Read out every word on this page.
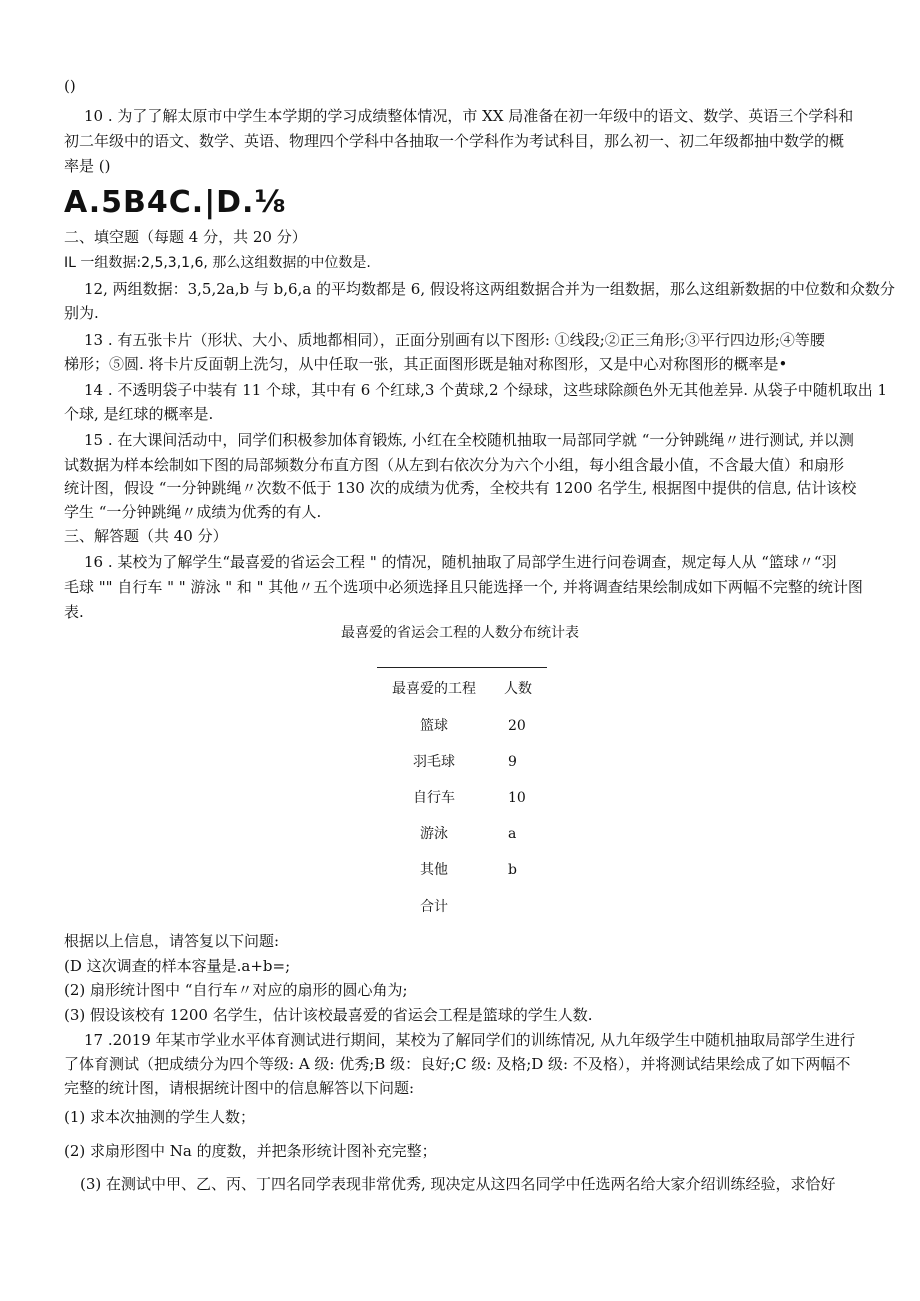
()
10 . 为了了解太原市中学生本学期的学习成绩整体情况，市 XX 局准备在初一年级中的语文、数学、英语三个学科和
初二年级中的语文、数学、英语、物理四个学科中各抽取一个学科作为考试科目，那么初一、初二年级都抽中数学的概
率是 ()
A.5B4C.|D.⅛
二、填空题（每题 4 分，共 20 分）
IL 一组数据:2,5,3,1,6, 那么这组数据的中位数是.
12, 两组数据：3,5,2a,b 与 b,6,a 的平均数都是 6, 假设将这两组数据合并为一组数据，那么这组新数据的中位数和众数分
别为.
13 . 有五张卡片（形状、大小、质地都相同），正面分别画有以下图形: ①线段;②正三角形;③平行四边形;④等腰
梯形；⑤圆. 将卡片反面朝上洗匀，从中任取一张，其正面图形既是轴对称图形，又是中心对称图形的概率是•
14 . 不透明袋子中装有 11 个球，其中有 6 个红球,3 个黄球,2 个绿球，这些球除颜色外无其他差异. 从袋子中随机取出 1
个球, 是红球的概率是.
15 . 在大课间活动中，同学们积极参加体育锻炼, 小红在全校随机抽取一局部同学就 “一分钟跳绳〃进行测试, 并以测
试数据为样本绘制如下图的局部频数分布直方图（从左到右依次分为六个小组，每小组含最小值，不含最大值）和扇形
统计图，假设 “一分钟跳绳〃次数不低于 130 次的成绩为优秀，全校共有 1200 名学生, 根据图中提供的信息, 估计该校
学生 “一分钟跳绳〃成绩为优秀的有人.
三、解答题（共 40 分）
16 . 某校为了解学生“最喜爱的省运会工程 " 的情况，随机抽取了局部学生进行问卷调查，规定每人从 “篮球〃“羽
毛球 "" 自行车 " " 游泳 " 和 " 其他〃五个选项中必须选择且只能选择一个, 并将调查结果绘制成如下两幅不完整的统计图
表.
最喜爱的省运会工程的人数分布统计表
最喜爱的工程	人数
篮球	20
羽毛球	9
自行车	10
游泳	a
其他	b
合计
根据以上信息，请答复以下问题:
(D 这次调查的样本容量是.a+b=;
(2) 扇形统计图中 “自行车〃对应的扇形的圆心角为;
(3) 假设该校有 1200 名学生，估计该校最喜爱的省运会工程是篮球的学生人数.
17 .2019 年某市学业水平体育测试进行期间，某校为了解同学们的训练情况, 从九年级学生中随机抽取局部学生进行
了体育测试（把成绩分为四个等级: A 级: 优秀;B 级：良好;C 级: 及格;D 级: 不及格），并将测试结果绘成了如下两幅不
完整的统计图，请根据统计图中的信息解答以下问题:
(1) 求本次抽测的学生人数；
(2) 求扇形图中 Na 的度数，并把条形统计图补充完整；
(3) 在测试中甲、乙、丙、丁四名同学表现非常优秀, 现决定从这四名同学中任选两名给大家介绍训练经验，求恰好
